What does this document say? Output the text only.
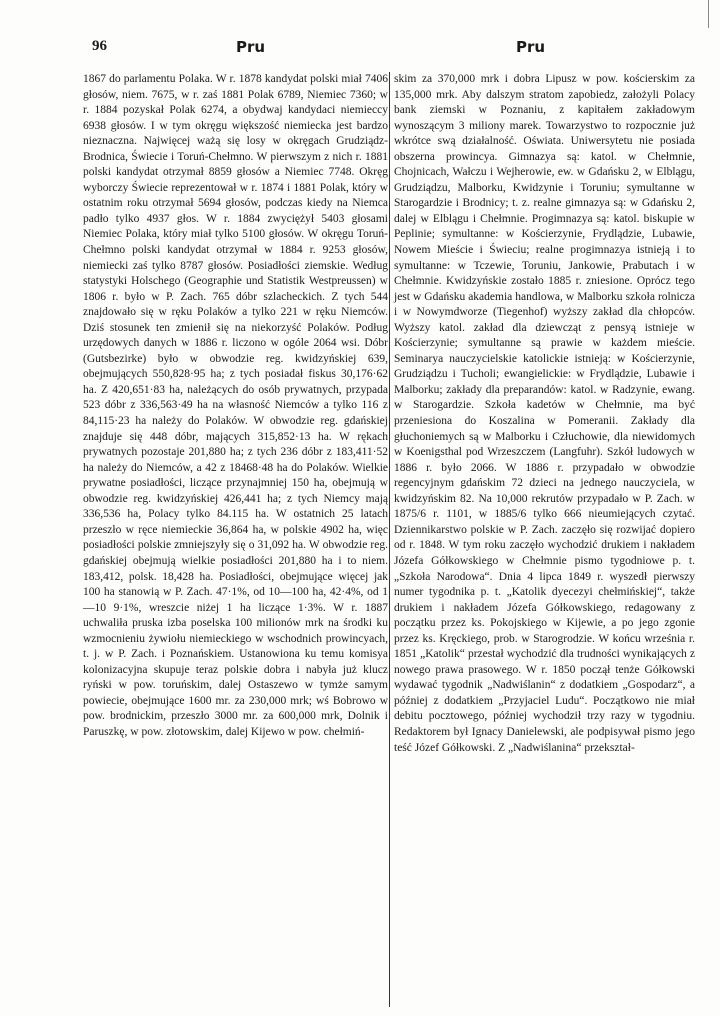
96	Pru	Pru

1867 do parlamentu Polaka. W r. 1878 kandydat polski miał 7406 głosów, niem. 7675, w r. zaś 1881 Polak 6789, Niemiec 7360; w r. 1884 pozyskał Polak 6274, a obydwaj kandydaci niemieccy 6938 głosów. I w tym okręgu większość niemiecka jest bardzo nieznaczna. Najwięcej ważą się losy w okręgach Grudziądz-Brodnica, Świecie i Toruń-Chełmno. W pierwszym z nich r. 1881 polski kandydat otrzymał 8859 głosów a Niemiec 7748. Okręg wyborczy Świecie reprezentował w r. 1874 i 1881 Polak, który w ostatnim roku otrzymał 5694 głosów, podczas kiedy na Niemca padło tylko 4937 głos. W r. 1884 zwyciężył 5403 głosami Niemiec Polaka, który miał tylko 5100 głosów. W okręgu Toruń-Chełmno polski kandydat otrzymał w 1884 r. 9253 głosów, niemiecki zaś tylko 8787 głosów. Posiadłości ziemskie. Według statystyki Holschego (Geographie und Statistik Westpreussen) w 1806 r. było w P. Zach. 765 dóbr szlacheckich. Z tych 544 znajdowało się w ręku Polaków a tylko 221 w ręku Niemców. Dziś stosunek ten zmienił się na niekorzyść Polaków. Podług urzędowych danych w 1886 r. liczono w ogóle 2064 wsi. Dóbr (Gutsbezirke) było w obwodzie reg. kwidzyńskiej 639, obejmujących 550,828·95 ha; z tych posiadał fiskus 30,176·62 ha. Z 420,651·83 ha, należących do osób prywatnych, przypada 523 dóbr z 336,563·49 ha na własność Niemców a tylko 116 z 84,115·23 ha należy do Polaków. W obwodzie reg. gdańskiej znajduje się 448 dóbr, mających 315,852·13 ha. W rękach prywatnych pozostaje 201,880 ha; z tych 236 dóbr z 183,411·52 ha należy do Niemców, a 42 z 18468·48 ha do Polaków. Wielkie prywatne posiadłości, liczące przynajmniej 150 ha, obejmują w obwodzie reg. kwidzyńskiej 426,441 ha; z tych Niemcy mają 336,536 ha, Polacy tylko 84.115 ha. W ostatnich 25 latach przeszło w ręce niemieckie 36,864 ha, w polskie 4902 ha, więc posiadłości polskie zmniejszyły się o 31,092 ha. W obwodzie reg. gdańskiej obejmują wielkie posiadłości 201,880 ha i to niem. 183,412, polsk. 18,428 ha. Posiadłości, obejmujące więcej jak 100 ha stanowią w P. Zach. 47·1%, od 10—100 ha, 42·4%, od 1—10 9·1%, wreszcie niżej 1 ha liczące 1·3%. W r. 1887 uchwaliła pruska izba poselska 100 milionów mrk na środki ku wzmocnieniu żywiołu niemieckiego w wschodnich prowincyach, t. j. w P. Zach. i Poznańskiem. Ustanowiona ku temu komisya kolonizacyjna skupuje teraz polskie dobra i nabyła już klucz ryński w pow. toruńskim, dalej Ostaszewo w tymże samym powiecie, obejmujące 1600 mr. za 230,000 mrk; wś Bobrowo w pow. brodnickim, przeszło 3000 mr. za 600,000 mrk, Dolnik i Paruszkę, w pow. złotowskim, dalej Kijewo w pow. chełmiń-

skim za 370,000 mrk i dobra Lipusz w pow. kościerskim za 135,000 mrk. Aby dalszym stratom zapobiedz, założyli Polacy bank ziemski w Poznaniu, z kapitałem zakładowym wynoszącym 3 miliony marek. Towarzystwo to rozpocznie już wkrótce swą działalność. Oświata. Uniwersytetu nie posiada obszerna prowincya. Gimnazya są: katol. w Chełmnie, Chojnicach, Wałczu i Wejherowie, ew. w Gdańsku 2, w Elblągu, Grudziądzu, Malborku, Kwidzynie i Toruniu; symultanne w Starogardzie i Brodnicy; t. z. realne gimnazya są: w Gdańsku 2, dalej w Elblągu i Chełmnie. Progimnazya są: katol. biskupie w Peplinie; symultanne: w Kościerzynie, Frydlądzie, Lubawie, Nowem Mieście i Świeciu; realne progimnazya istnieją i to symultanne: w Tczewie, Toruniu, Jankowie, Prabutach i w Chełmnie. Kwidzyńskie zostało 1885 r. zniesione. Oprócz tego jest w Gdańsku akademia handlowa, w Malborku szkoła rolnicza i w Nowymdworze (Tiegenhof) wyższy zakład dla chłopców. Wyższy katol. zakład dla dziewcząt z pensyą istnieje w Kościerzynie; symultanne są prawie w każdem mieście. Seminarya nauczycielskie katolickie istnieją: w Kościerzynie, Grudziądzu i Tucholi; ewangielickie: w Frydlądzie, Lubawie i Malborku; zakłady dla preparandów: katol. w Radzynie, ewang. w Starogardzie. Szkoła kadetów w Chełmnie, ma być przeniesiona do Koszalina w Pomeranii. Zakłady dla głuchoniemych są w Malborku i Człuchowie, dla niewidomych w Koenigsthal pod Wrzeszczem (Langfuhr). Szkół ludowych w 1886 r. było 2066. W 1886 r. przypadało w obwodzie regencyjnym gdańskim 72 dzieci na jednego nauczyciela, w kwidzyńskim 82. Na 10,000 rekrutów przypadało w P. Zach. w 1875/6 r. 1101, w 1885/6 tylko 666 nieumiejących czytać. Dziennikarstwo polskie w P. Zach. zaczęło się rozwijać dopiero od r. 1848. W tym roku zaczęło wychodzić drukiem i nakładem Józefa Gółkowskiego w Chełmnie pismo tygodniowe p. t. „Szkoła Narodowa“. Dnia 4 lipca 1849 r. wyszedł pierwszy numer tygodnika p. t. „Katolik dyecezyi chełmińskiej“, także drukiem i nakładem Józefa Gółkowskiego, redagowany z początku przez ks. Pokojskiego w Kijewie, a po jego zgonie przez ks. Kręckiego, prob. w Starogrodzie. W końcu września r. 1851 „Katolik“ przestał wychodzić dla trudności wynikających z nowego prawa prasowego. W r. 1850 począł tenże Gółkowski wydawać tygodnik „Nadwiślanin“ z dodatkiem „Gospodarz“, a później z dodatkiem „Przyjaciel Ludu“. Początkowo nie miał debitu pocztowego, później wychodził trzy razy w tygodniu. Redaktorem był Ignacy Danielewski, ale podpisywał pismo jego teść Józef Gółkowski. Z „Nadwiślanina“ przekształ-
